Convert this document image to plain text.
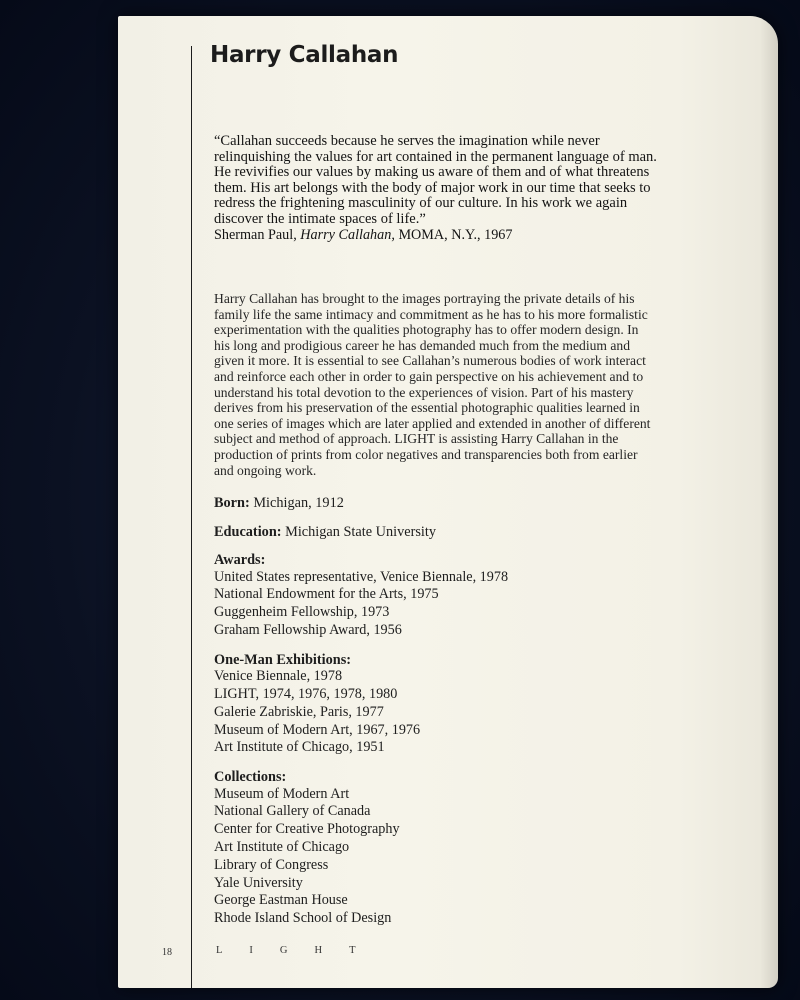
Harry Callahan

“Callahan succeeds because he serves the imagination while never

relinquishing the values for art contained in the permanent language of man.

He revivifies our values by making us aware of them and of what threatens

them. His art belongs with the body of major work in our time that seeks to

redress the frightening masculinity of our culture. In his work we again

discover the intimate spaces of life.”

Sherman Paul, Harry Callahan, MOMA, N.Y., 1967

Harry Callahan has brought to the images portraying the private details of his

family life the same intimacy and commitment as he has to his more formalistic

experimentation with the qualities photography has to offer modern design. In

his long and prodigious career he has demanded much from the medium and

given it more. It is essential to see Callahan’s numerous bodies of work interact

and reinforce each other in order to gain perspective on his achievement and to

understand his total devotion to the experiences of vision. Part of his mastery

derives from his preservation of the essential photographic qualities learned in

one series of images which are later applied and extended in another of different

subject and method of approach. LIGHT is assisting Harry Callahan in the

production of prints from color negatives and transparencies both from earlier

and ongoing work.

Born: Michigan, 1912

Education: Michigan State University

Awards:

United States representative, Venice Biennale, 1978
National Endowment for the Arts, 1975
Guggenheim Fellowship, 1973
Graham Fellowship Award, 1956

One-Man Exhibitions:

Venice Biennale, 1978
LIGHT, 1974, 1976, 1978, 1980
Galerie Zabriskie, Paris, 1977
Museum of Modern Art, 1967, 1976
Art Institute of Chicago, 1951

Collections:

Museum of Modern Art
National Gallery of Canada
Center for Creative Photography
Art Institute of Chicago
Library of Congress
Yale University
George Eastman House
Rhode Island School of Design
18	LIGHT
